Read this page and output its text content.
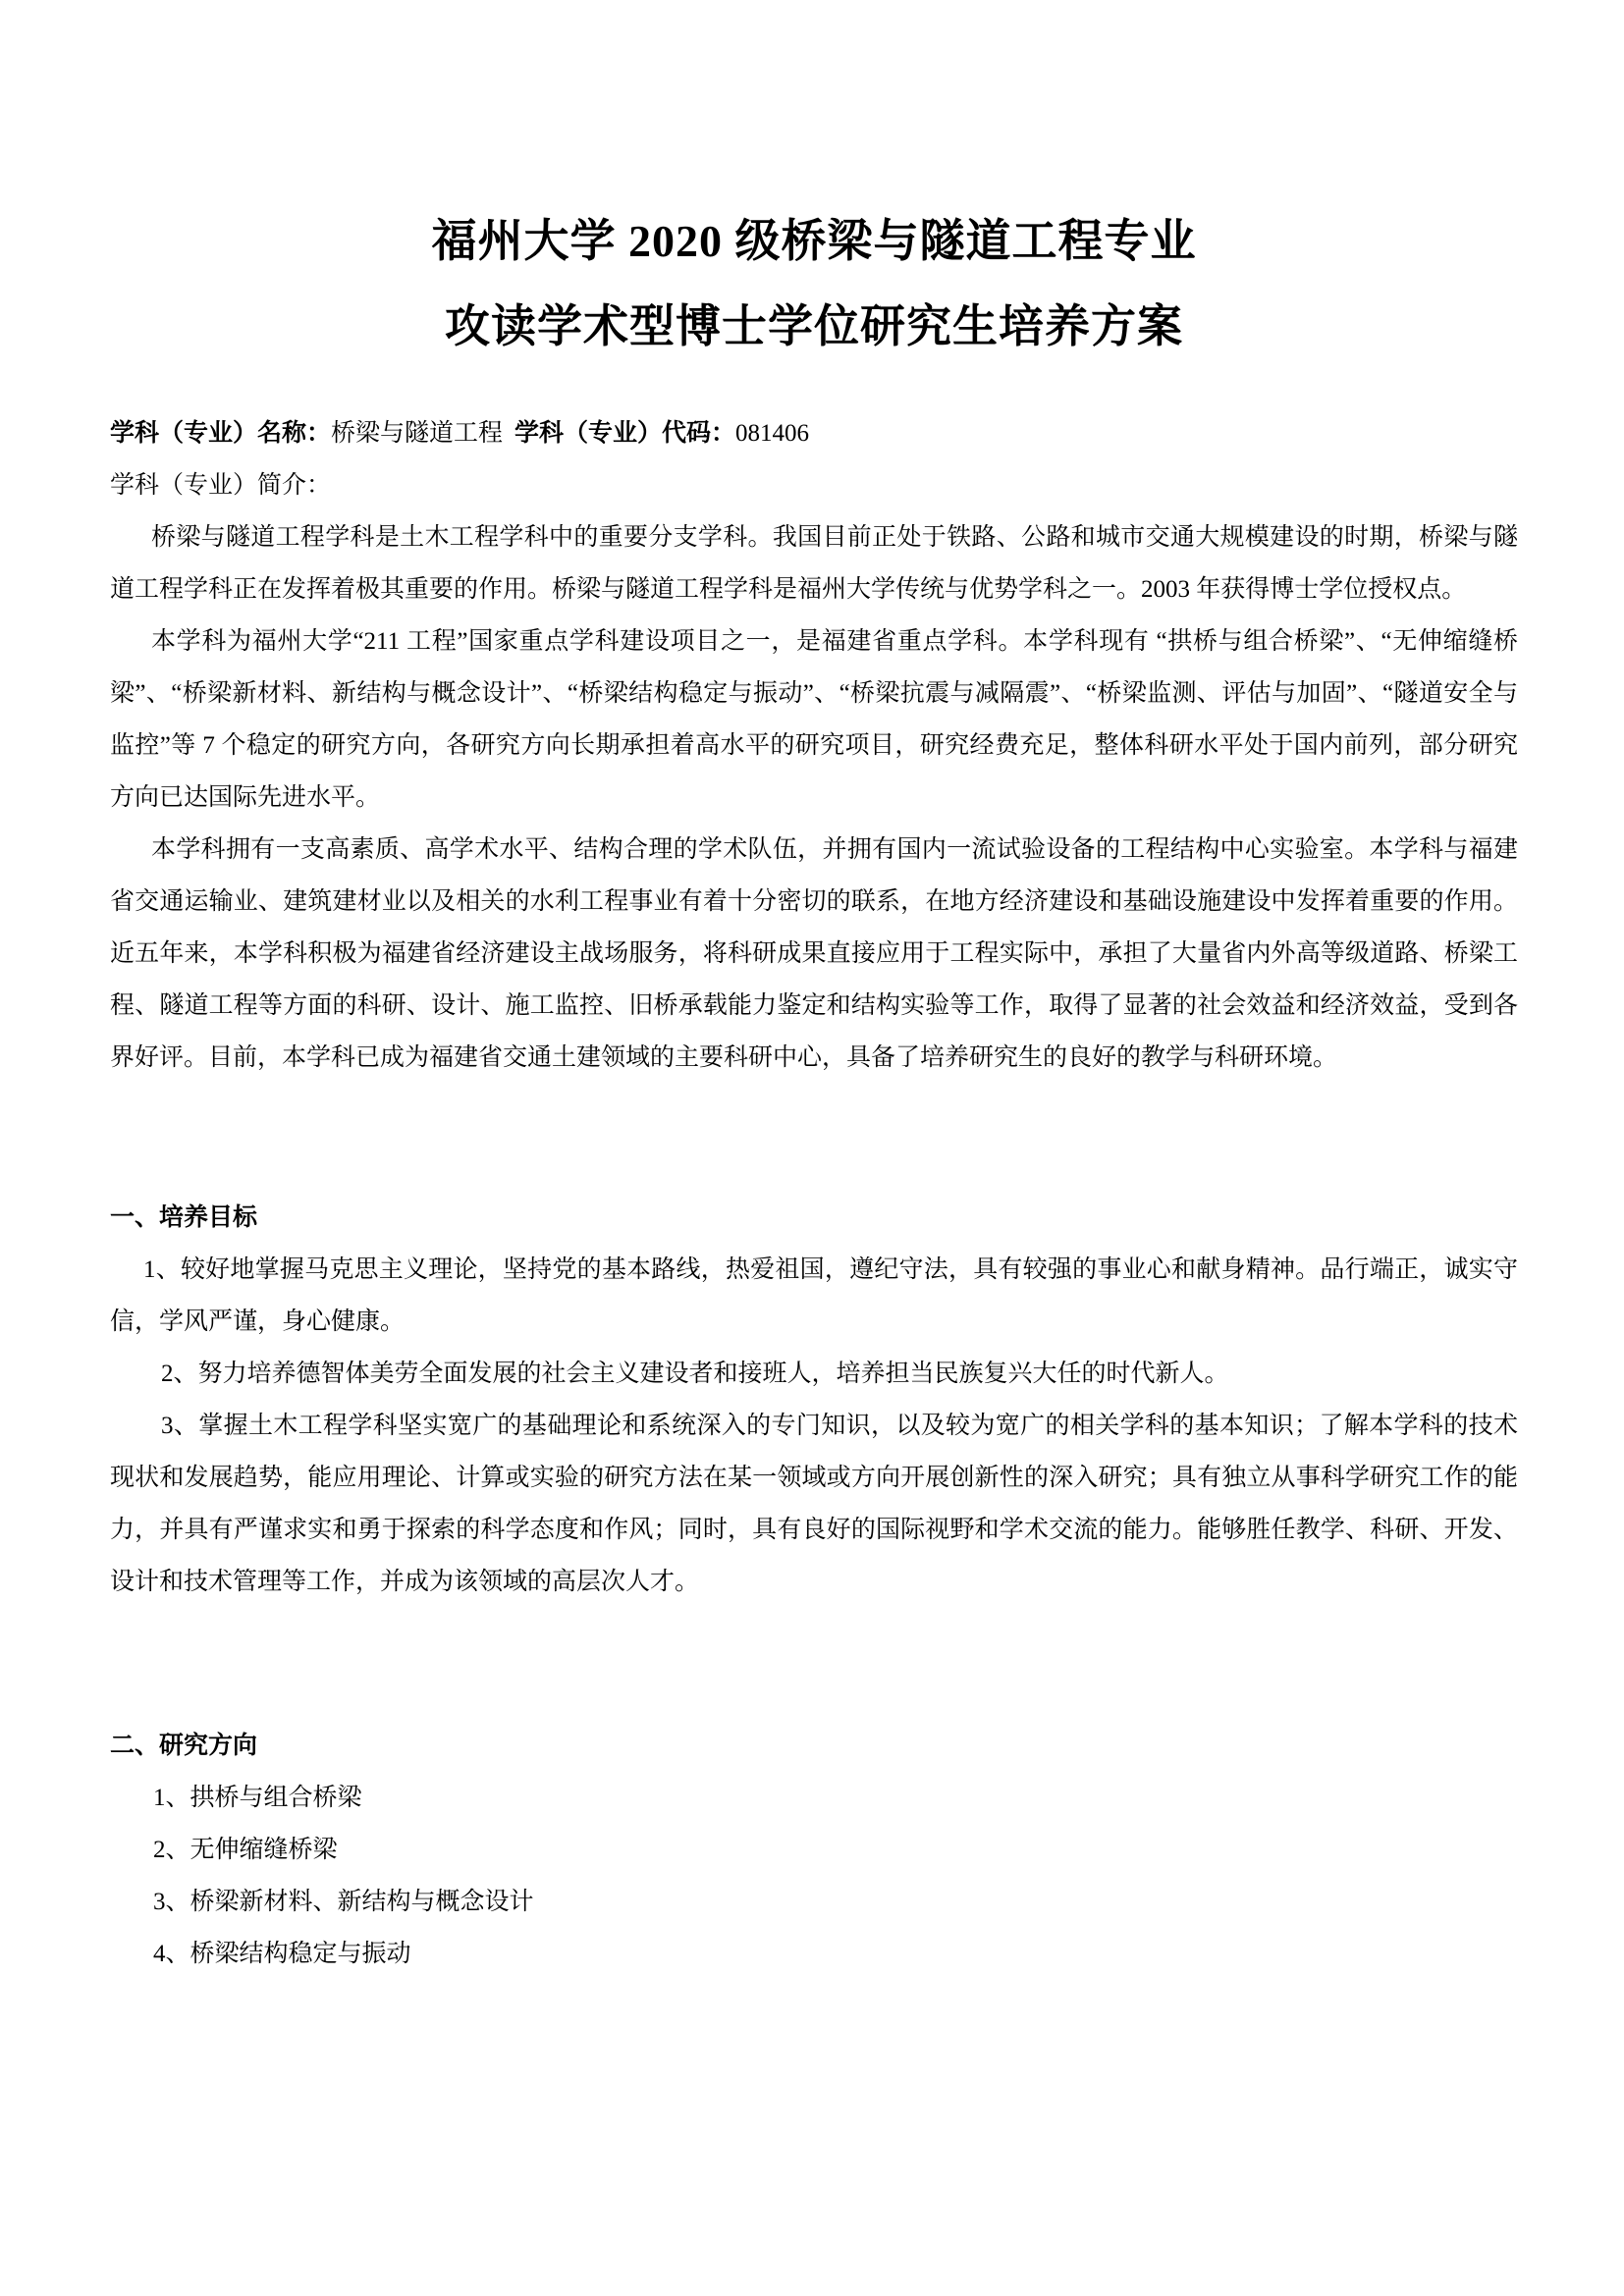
福州大学 2020 级桥梁与隧道工程专业
攻读学术型博士学位研究生培养方案
学科（专业）名称：桥梁与隧道工程 学科（专业）代码：081406
学科（专业）简介：

桥梁与隧道工程学科是土木工程学科中的重要分支学科。我国目前正处于铁路、公路和城市交通大规模建设的时期，桥梁与隧道工程学科正在发挥着极其重要的作用。桥梁与隧道工程学科是福州大学传统与优势学科之一。2003 年获得博士学位授权点。

本学科为福州大学“211 工程”国家重点学科建设项目之一，是福建省重点学科。本学科现有 “拱桥与组合桥梁”、“无伸缩缝桥梁”、“桥梁新材料、新结构与概念设计”、“桥梁结构稳定与振动”、“桥梁抗震与减隔震”、“桥梁监测、评估与加固”、“隧道安全与监控”等 7 个稳定的研究方向，各研究方向长期承担着高水平的研究项目，研究经费充足，整体科研水平处于国内前列，部分研究方向已达国际先进水平。

本学科拥有一支高素质、高学术水平、结构合理的学术队伍，并拥有国内一流试验设备的工程结构中心实验室。本学科与福建省交通运输业、建筑建材业以及相关的水利工程事业有着十分密切的联系，在地方经济建设和基础设施建设中发挥着重要的作用。近五年来，本学科积极为福建省经济建设主战场服务，将科研成果直接应用于工程实际中，承担了大量省内外高等级道路、桥梁工程、隧道工程等方面的科研、设计、施工监控、旧桥承载能力鉴定和结构实验等工作，取得了显著的社会效益和经济效益，受到各界好评。目前，本学科已成为福建省交通土建领域的主要科研中心，具备了培养研究生的良好的教学与科研环境。

一、培养目标

1、较好地掌握马克思主义理论，坚持党的基本路线，热爱祖国，遵纪守法，具有较强的事业心和献身精神。品行端正，诚实守信，学风严谨，身心健康。

2、努力培养德智体美劳全面发展的社会主义建设者和接班人，培养担当民族复兴大任的时代新人。

3、掌握土木工程学科坚实宽广的基础理论和系统深入的专门知识，以及较为宽广的相关学科的基本知识；了解本学科的技术现状和发展趋势，能应用理论、计算或实验的研究方法在某一领域或方向开展创新性的深入研究；具有独立从事科学研究工作的能力，并具有严谨求实和勇于探索的科学态度和作风；同时，具有良好的国际视野和学术交流的能力。能够胜任教学、科研、开发、设计和技术管理等工作，并成为该领域的高层次人才。

二、研究方向

1、拱桥与组合桥梁

2、无伸缩缝桥梁

3、桥梁新材料、新结构与概念设计

4、桥梁结构稳定与振动
